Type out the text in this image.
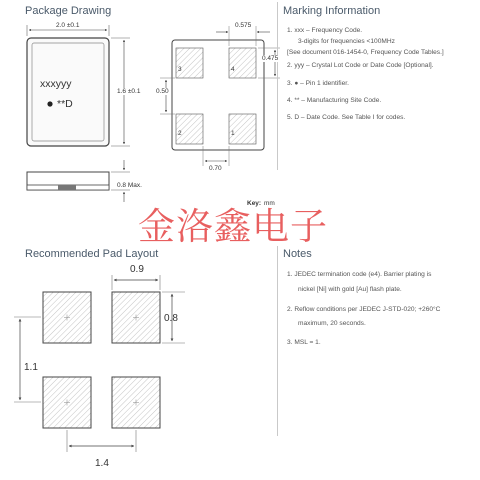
Package Drawing	Marking Information
Recommended Pad Layout	Notes
2.0 ±0.1
1.6 ±0.1
xxxyyy
**D
0.8 Max.
0.575
0.475
0.50
0.70
3	4
2	1
Key: mm
1. xxx – Frequency Code.
3-digits for frequencies <100MHz
[See document 016-1454-0, Frequency Code Tables.]
2. yyy – Crystal Lot Code or Date Code [Optional].
3. ● – Pin 1 identifier.
4. ** – Manufacturing Site Code.
5. D – Date Code. See Table I for codes.
0.9
0.8
1.1
1.4
1. JEDEC termination code (e4). Barrier plating is
nickel [Ni] with gold [Au] flash plate.
2. Reflow conditions per JEDEC J-STD-020; +260°C
maximum, 20 seconds.
3. MSL = 1.
金洛鑫电子
